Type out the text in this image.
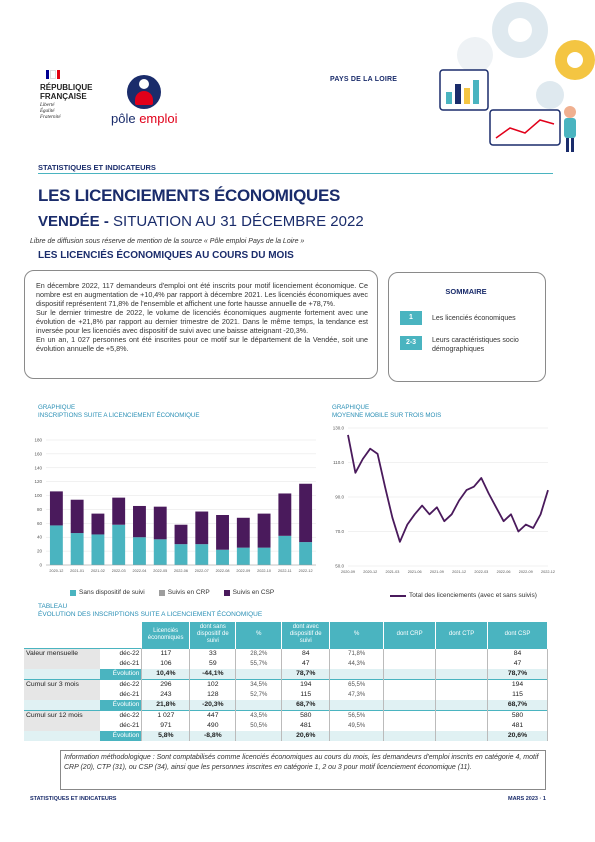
RÉPUBLIQUE
FRANÇAISE
Liberté
Égalité
Fraternité	pôle emploi
PAYS DE LA LOIRE
STATISTIQUES ET INDICATEURS
LES LICENCIEMENTS ÉCONOMIQUES
VENDÉE - SITUATION AU 31 DÉCEMBRE 2022
Libre de diffusion sous réserve de mention de la source « Pôle emploi Pays de la Loire »
LES LICENCIÉS ÉCONOMIQUES AU COURS DU MOIS

En décembre 2022, 117 demandeurs d'emploi ont été inscrits pour motif licenciement économique. Ce nombre est en augmentation de +10,4% par rapport à décembre 2021. Les licenciés économiques avec dispositif représentent 71,8% de l'ensemble et affichent une forte hausse annuelle de +78,7%.

Sur le dernier trimestre de 2022, le volume de licenciés économiques augmente fortement avec une évolution de +21,8% par rapport au dernier trimestre de 2021. Dans le même temps, la tendance est inversée pour les licenciés avec dispositif de suivi avec une baisse atteignant -20,3%.

En un an, 1 027 personnes ont été inscrites pour ce motif sur le département de la Vendée, soit une évolution annuelle de +5,8%.

SOMMAIRE
1	Les licenciés économiques
2-3	Leurs caractéristiques socio démographiques
GRAPHIQUE
INSCRIPTIONS SUITE A LICENCIEMENT ÉCONOMIQUE
GRAPHIQUE
MOYENNE MOBILE SUR TROIS MOIS
0
20
40
60
80
100
120
140
160
180
2020-12 2021-01 2021-02 2022-03 2022-04 2022-05 2022-06 2022-07 2022-08 2022-09 2022-10 2022-11 2022-12
50.0
70.0
90.0
110.0
130.0
2020-09 2020-12 2021-03 2021-06 2021-09 2021-12 2022-03 2022-06 2022-09 2022-12
Sans dispositif de suivi	Suivis en CRP	Suivis en CSP	Total des licenciements (avec et sans suivis)
TABLEAU
ÉVOLUTION DES INSCRIPTIONS SUITE A LICENCIEMENT ÉCONOMIQUE
		Licenciés économiques	dont sans dispositif de suivi	%	dont avec dispositif de suivi	%	dont CRP	dont CTP	dont CSP
Valeur mensuelle	déc-22	117	33	28,2%	84	71,8%			84
	déc-21	106	59	55,7%	47	44,3%			47
	Évolution	10,4%	-44,1%		78,7%				78,7%
Cumul sur 3 mois	déc-22	296	102	34,5%	194	65,5%			194
	déc-21	243	128	52,7%	115	47,3%			115
	Évolution	21,8%	-20,3%		68,7%				68,7%
Cumul sur 12 mois	déc-22	1 027	447	43,5%	580	56,5%			580
	déc-21	971	490	50,5%	481	49,5%			481
	Évolution	5,8%	-8,8%		20,6%				20,6%
Information méthodologique : Sont comptabilisés comme licenciés économiques au cours du mois, les demandeurs d'emploi inscrits en catégorie 4, motif CRP (20), CTP (31), ou CSP (34), ainsi que les personnes inscrites en catégorie 1, 2 ou 3 pour motif licenciement économique (11).
STATISTIQUES ET INDICATEURS	MARS 2023 · 1
